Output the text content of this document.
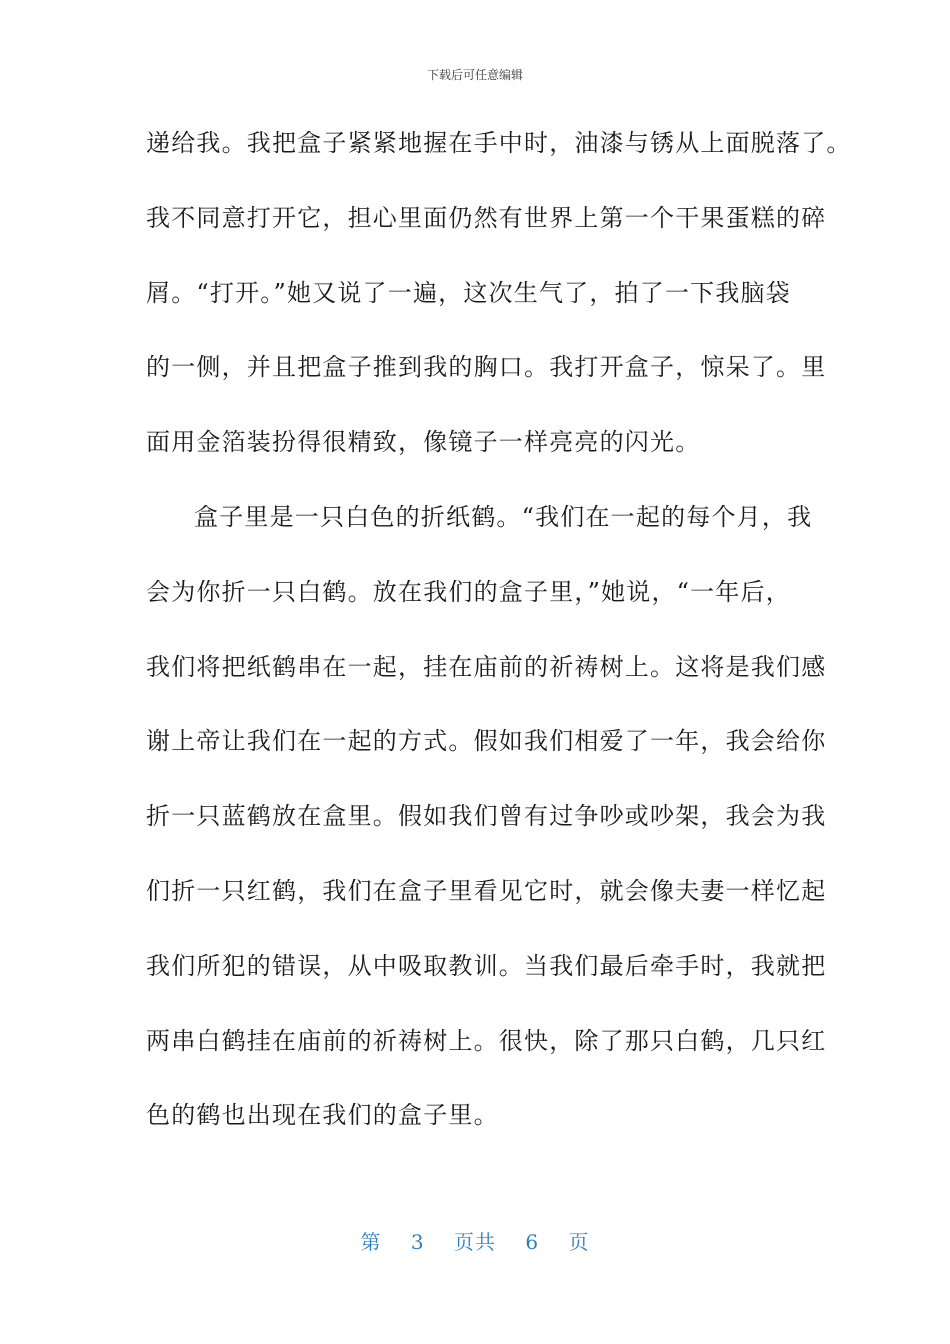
下载后可任意编辑
递给我。我把盒子紧紧地握在手中时，油漆与锈从上面脱落了。
我不同意打开它，担心里面仍然有世界上第一个干果蛋糕的碎
屑。“打开。”她又说了一遍，这次生气了，拍了一下我脑袋
的一侧，并且把盒子推到我的胸口。我打开盒子，惊呆了。里
面用金箔装扮得很精致，像镜子一样亮亮的闪光。
盒子里是一只白色的折纸鹤。“我们在一起的每个月，我
会为你折一只白鹤。放在我们的盒子里，”她说，“一年后，
我们将把纸鹤串在一起，挂在庙前的祈祷树上。这将是我们感
谢上帝让我们在一起的方式。假如我们相爱了一年，我会给你
折一只蓝鹤放在盒里。假如我们曾有过争吵或吵架，我会为我
们折一只红鹤，我们在盒子里看见它时，就会像夫妻一样忆起
我们所犯的错误，从中吸取教训。当我们最后牵手时，我就把
两串白鹤挂在庙前的祈祷树上。很快，除了那只白鹤，几只红
色的鹤也出现在我们的盒子里。
第 3 页共 6 页
